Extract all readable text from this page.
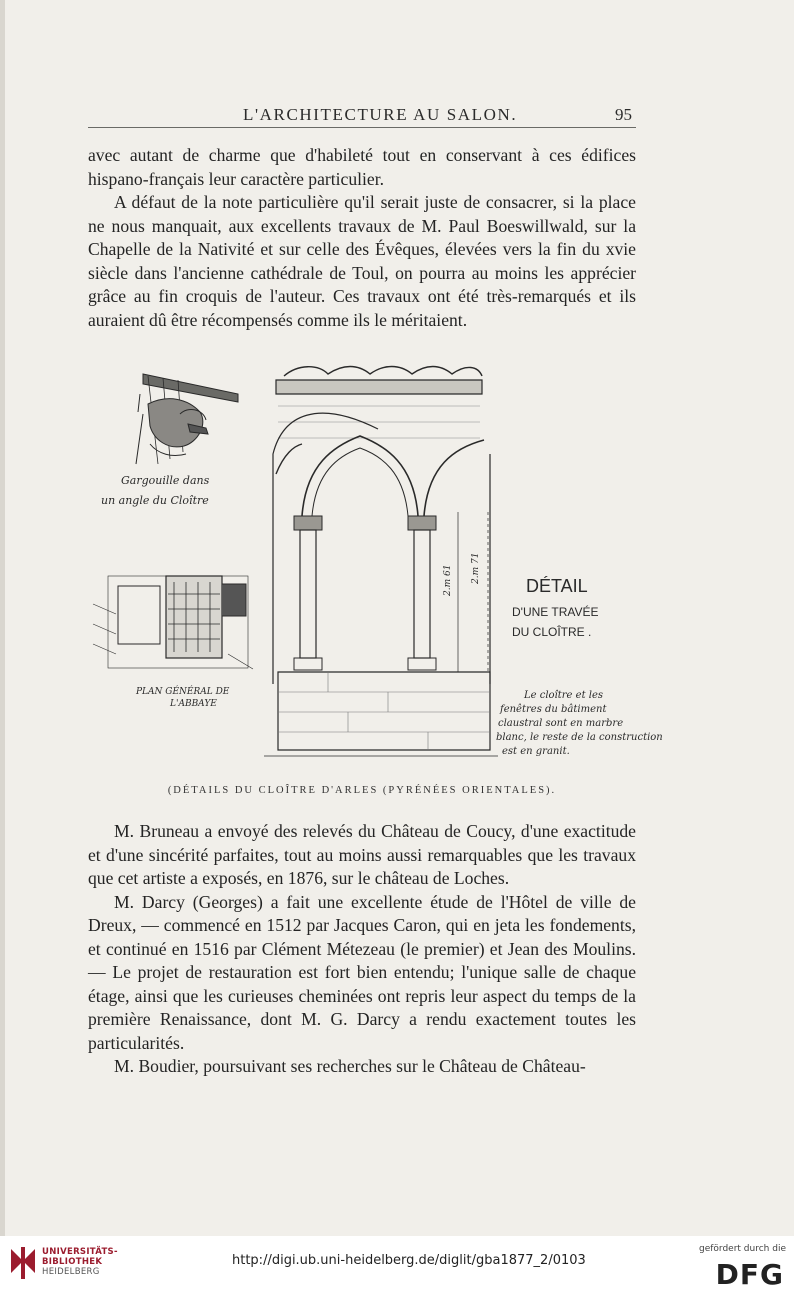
L'ARCHITECTURE AU SALON.	95

avec autant de charme que d'habileté tout en conservant à ces édifices hispano-français leur caractère particulier.

A défaut de la note particulière qu'il serait juste de consacrer, si la place ne nous manquait, aux excellents travaux de M. Paul Boeswillwald, sur la Chapelle de la Nativité et sur celle des Évêques, élevées vers la fin du xvie siècle dans l'ancienne cathédrale de Toul, on pourra au moins les apprécier grâce au fin croquis de l'auteur. Ces travaux ont été très-remarqués et ils auraient dû être récompensés comme ils le méritaient.

Gargouille dans
un angle du Cloître
PLAN GÉNÉRAL DE
L'ABBAYE
2.m 61 2.m 71
DÉTAIL
D'UNE TRAVÉE
DU CLOÎTRE .
Le cloître et les
fenêtres du bâtiment
claustral sont en marbre
blanc, le reste de la construction
est en granit.
(DÉTAILS DU CLOÎTRE D'ARLES (PYRÉNÉES ORIENTALES).

M. Bruneau a envoyé des relevés du Château de Coucy, d'une exactitude et d'une sincérité parfaites, tout au moins aussi remarquables que les travaux que cet artiste a exposés, en 1876, sur le château de Loches.

M. Darcy (Georges) a fait une excellente étude de l'Hôtel de ville de Dreux, — commencé en 1512 par Jacques Caron, qui en jeta les fondements, et continué en 1516 par Clément Métezeau (le premier) et Jean des Moulins. — Le projet de restauration est fort bien entendu; l'unique salle de chaque étage, ainsi que les curieuses cheminées ont repris leur aspect du temps de la première Renaissance, dont M. G. Darcy a rendu exactement toutes les particularités.

M. Boudier, poursuivant ses recherches sur le Château de Château-

UNIVERSITÄTS-
BIBLIOTHEK
HEIDELBERG
http://digi.ub.uni-heidelberg.de/diglit/gba1877_2/0103
gefördert durch die
DFG
